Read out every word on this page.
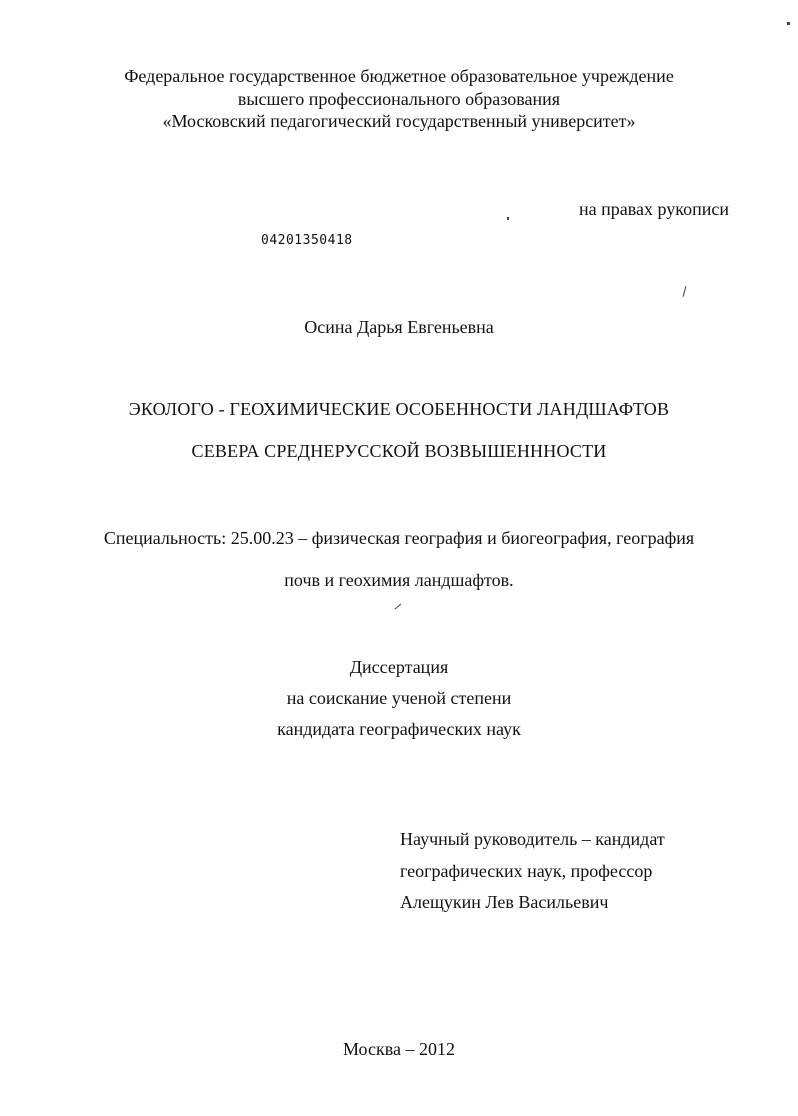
Федеральное государственное бюджетное образовательное учреждение
высшего профессионального образования
«Московский педагогический государственный университет»
на правах рукописи
04201350418
Осина Дарья Евгеньевна
ЭКОЛОГО - ГЕОХИМИЧЕСКИЕ ОСОБЕННОСТИ ЛАНДШАФТОВ
СЕВЕРА СРЕДНЕРУССКОЙ ВОЗВЫШЕНННОСТИ
Специальность: 25.00.23 – физическая география и биогеография, география
почв и геохимия ландшафтов.
Диссертация
на соискание ученой степени
кандидата географических наук
Научный руководитель – кандидат
географических наук, профессор
Алещукин Лев Васильевич
Москва – 2012
